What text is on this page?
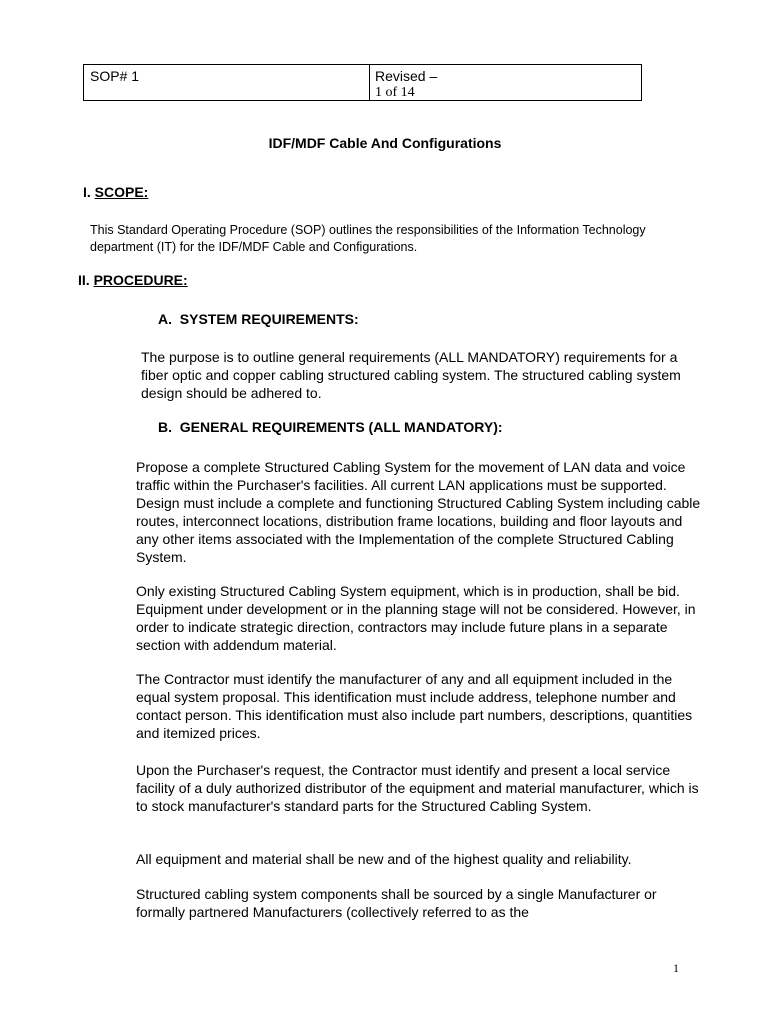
SOP# 1	Revised –
1 of 14
IDF/MDF Cable And Configurations
I. SCOPE:

This Standard Operating Procedure (SOP) outlines the responsibilities of the Information Technology department (IT) for the IDF/MDF Cable and Configurations.

II. PROCEDURE:
A.  SYSTEM REQUIREMENTS:

The purpose is to outline general requirements (ALL MANDATORY) requirements for a fiber optic and copper cabling structured cabling system. The structured cabling system design should be adhered to.

B.  GENERAL REQUIREMENTS (ALL MANDATORY):

Propose a complete Structured Cabling System for the movement of LAN data and voice traffic within the Purchaser's facilities. All current LAN applications must be supported. Design must include a complete and functioning Structured Cabling System including cable routes, interconnect locations, distribution frame locations, building and floor layouts and any other items associated with the Implementation of the complete Structured Cabling System.

Only existing Structured Cabling System equipment, which is in production, shall be bid. Equipment under development or in the planning stage will not be considered. However, in order to indicate strategic direction, contractors may include future plans in a separate section with addendum material.

The Contractor must identify the manufacturer of any and all equipment included in the equal system proposal. This identification must include address, telephone number and contact person. This identification must also include part numbers, descriptions, quantities and itemized prices.

Upon the Purchaser's request, the Contractor must identify and present a local service facility of a duly authorized distributor of the equipment and material manufacturer, which is to stock manufacturer's standard parts for the Structured Cabling System.

All equipment and material shall be new and of the highest quality and reliability.

Structured cabling system components shall be sourced by a single Manufacturer or formally partnered Manufacturers (collectively referred to as the

1
